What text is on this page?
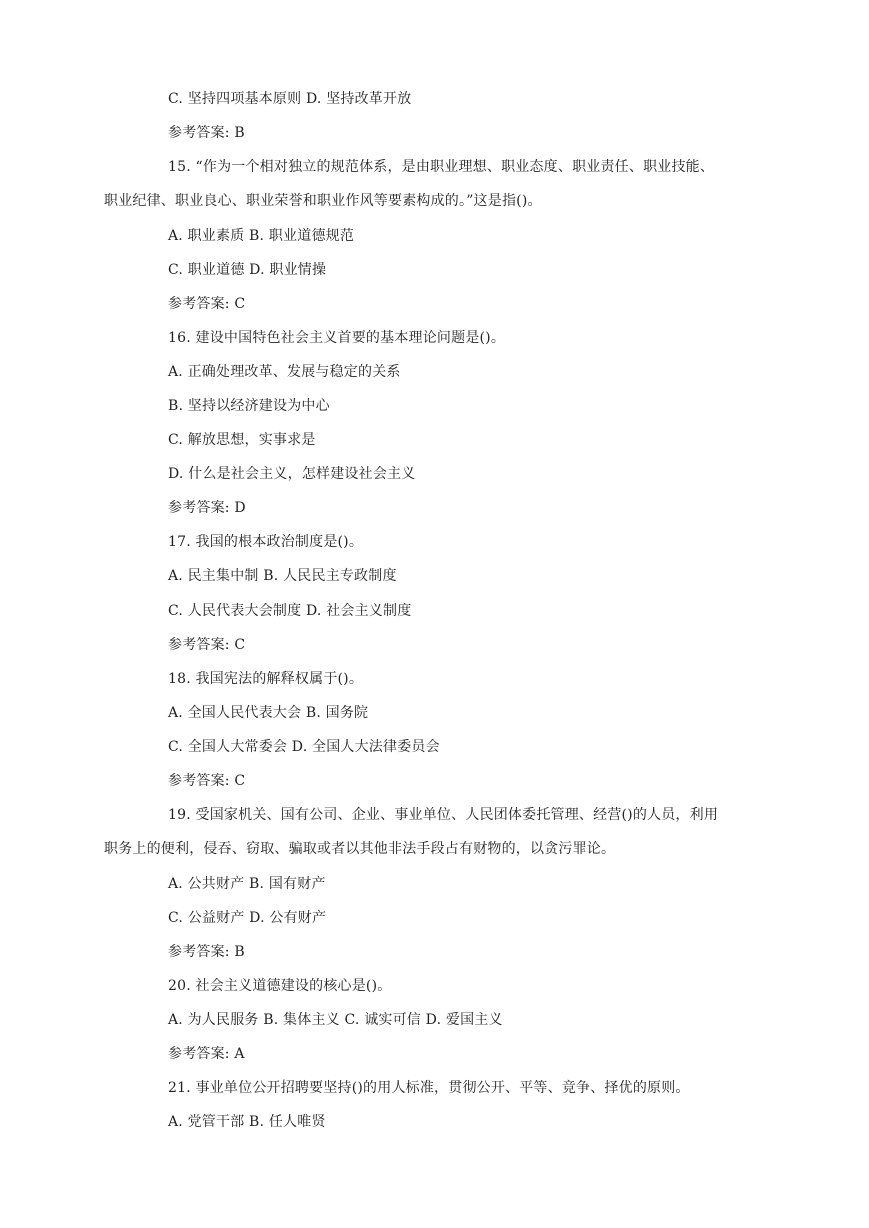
C. 坚持四项基本原则 D. 坚持改革开放
参考答案: B
15. “作为一个相对独立的规范体系，是由职业理想、职业态度、职业责任、职业技能、
职业纪律、职业良心、职业荣誉和职业作风等要素构成的。”这是指()。
A. 职业素质 B. 职业道德规范
C. 职业道德 D. 职业情操
参考答案: C
16. 建设中国特色社会主义首要的基本理论问题是()。
A. 正确处理改革、发展与稳定的关系
B. 坚持以经济建设为中心
C. 解放思想，实事求是
D. 什么是社会主义，怎样建设社会主义
参考答案: D
17. 我国的根本政治制度是()。
A. 民主集中制 B. 人民民主专政制度
C. 人民代表大会制度 D. 社会主义制度
参考答案: C
18. 我国宪法的解释权属于()。
A. 全国人民代表大会 B. 国务院
C. 全国人大常委会 D. 全国人大法律委员会
参考答案: C
19. 受国家机关、国有公司、企业、事业单位、人民团体委托管理、经营()的人员，利用
职务上的便利，侵吞、窃取、骗取或者以其他非法手段占有财物的，以贪污罪论。
A. 公共财产 B. 国有财产
C. 公益财产 D. 公有财产
参考答案: B
20. 社会主义道德建设的核心是()。
A. 为人民服务 B. 集体主义 C. 诚实可信 D. 爱国主义
参考答案: A
21. 事业单位公开招聘要坚持()的用人标准，贯彻公开、平等、竞争、择优的原则。
A. 党管干部 B. 任人唯贤
